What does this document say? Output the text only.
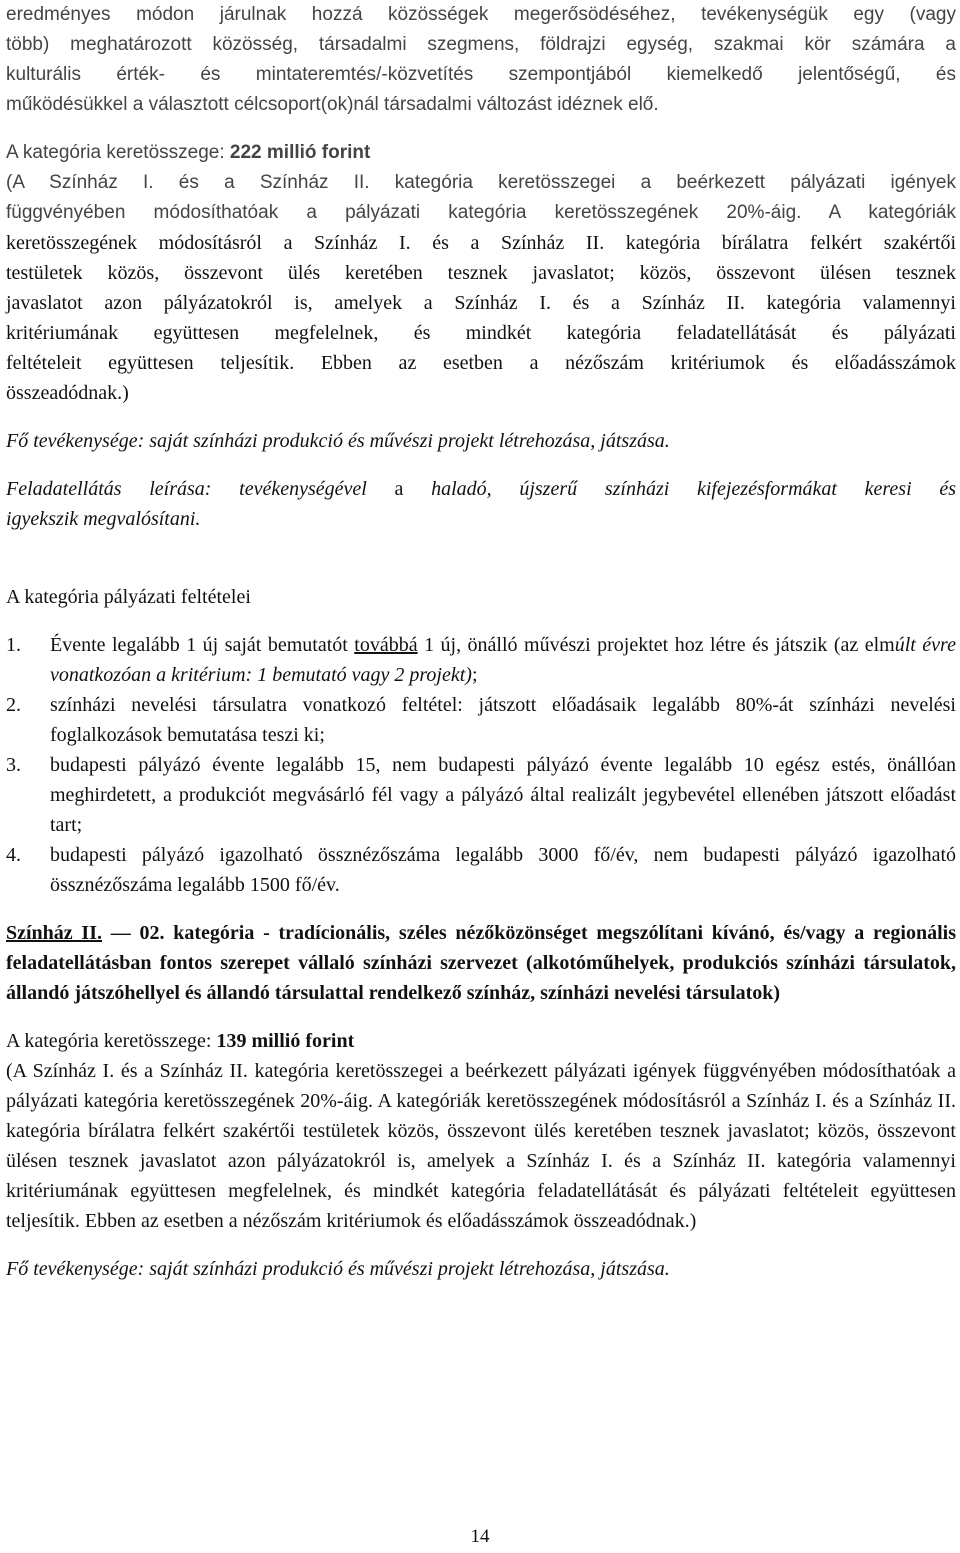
eredményes módon járulnak hozzá közösségek megerősödéséhez, tevékenységük egy (vagy

több) meghatározott közösség, társadalmi szegmens, földrajzi egység, szakmai kör számára a

kulturális érték- és mintateremtés/-közvetítés szempontjából kiemelkedő jelentőségű, és

működésükkel a választott célcsoport(ok)nál társadalmi változást idéznek elő.

A kategória keretösszege: 222 millió forint

(A Színház I. és a Színház II. kategória keretösszegei a beérkezett pályázati igények

függvényében módosíthatóak a pályázati kategória keretösszegének 20%-áig. A kategóriák

keretösszegének módosításról a Színház I. és a Színház II. kategória bírálatra felkért szakértői

testületek közös, összevont ülés keretében tesznek javaslatot; közös, összevont ülésen tesznek

javaslatot azon pályázatokról is, amelyek a Színház I. és a Színház II. kategória valamennyi

kritériumának együttesen megfelelnek, és mindkét kategória feladatellátását és pályázati

feltételeit együttesen teljesítik. Ebben az esetben a nézőszám kritériumok és előadásszámok

összeadódnak.)

Fő tevékenysége: saját színházi produkció és művészi projekt létrehozása, játszása.

Feladatellátás leírása: tevékenységével a haladó, újszerű színházi kifejezésformákat keresi és

igyekszik megvalósítani.

A kategória pályázati feltételei

1. Évente legalább 1 új saját bemutatót továbbá 1 új, önálló művészi projektet hoz létre és játszik (az elmúlt évre vonatkozóan a kritérium: 1 bemutató vagy 2 projekt);
2. színházi nevelési társulatra vonatkozó feltétel: játszott előadásaik legalább 80%-át színházi nevelési foglalkozások bemutatása teszi ki;
3. budapesti pályázó évente legalább 15, nem budapesti pályázó évente legalább 10 egész estés, önállóan meghirdetett, a produkciót megvásárló fél vagy a pályázó által realizált jegybevétel ellenében játszott előadást tart;
4. budapesti pályázó igazolható össznézőszáma legalább 3000 fő/év, nem budapesti pályázó igazolható össznézőszáma legalább 1500 fő/év.

Színház II. — 02. kategória - tradícionális, széles nézőközönséget megszólítani kívánó, és/vagy a regionális feladatellátásban fontos szerepet vállaló színházi szervezet (alkotóműhelyek, produkciós színházi társulatok, állandó játszóhellyel és állandó társulattal rendelkező színház, színházi nevelési társulatok)

A kategória keretösszege: 139 millió forint

(A Színház I. és a Színház II. kategória keretösszegei a beérkezett pályázati igények függvényében módosíthatóak a pályázati kategória keretösszegének 20%-áig. A kategóriák keretösszegének módosításról a Színház I. és a Színház II. kategória bírálatra felkért szakértői testületek közös, összevont ülés keretében tesznek javaslatot; közös, összevont ülésen tesznek javaslatot azon pályázatokról is, amelyek a Színház I. és a Színház II. kategória valamennyi kritériumának együttesen megfelelnek, és mindkét kategória feladatellátását és pályázati feltételeit együttesen teljesítik. Ebben az esetben a nézőszám kritériumok és előadásszámok összeadódnak.)

Fő tevékenysége: saját színházi produkció és művészi projekt létrehozása, játszása.

14
